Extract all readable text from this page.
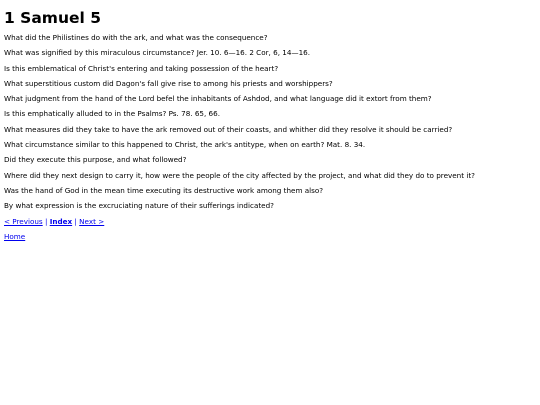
1 Samuel 5

What did the Philistines do with the ark, and what was the consequence?

What was signified by this miraculous circumstance? Jer. 10. 6—16. 2 Cor, 6, 14—16.

Is this emblematical of Christ's entering and taking possession of the heart?

What superstitious custom did Dagon's fall give rise to among his priests and worshippers?

What judgment from the hand of the Lord befel the inhabitants of Ashdod, and what language did it extort from them?

Is this emphatically alluded to in the Psalms? Ps. 78. 65, 66.

What measures did they take to have the ark removed out of their coasts, and whither did they resolve it should be carried?

What circumstance similar to this happened to Christ, the ark's antitype, when on earth? Mat. 8. 34.

Did they execute this purpose, and what followed?

Where did they next design to carry it, how were the people of the city affected by the project, and what did they do to prevent it?

Was the hand of God in the mean time executing its destructive work among them also?

By what expression is the excruciating nature of their sufferings indicated?

< Previous | Index | Next >

Home
